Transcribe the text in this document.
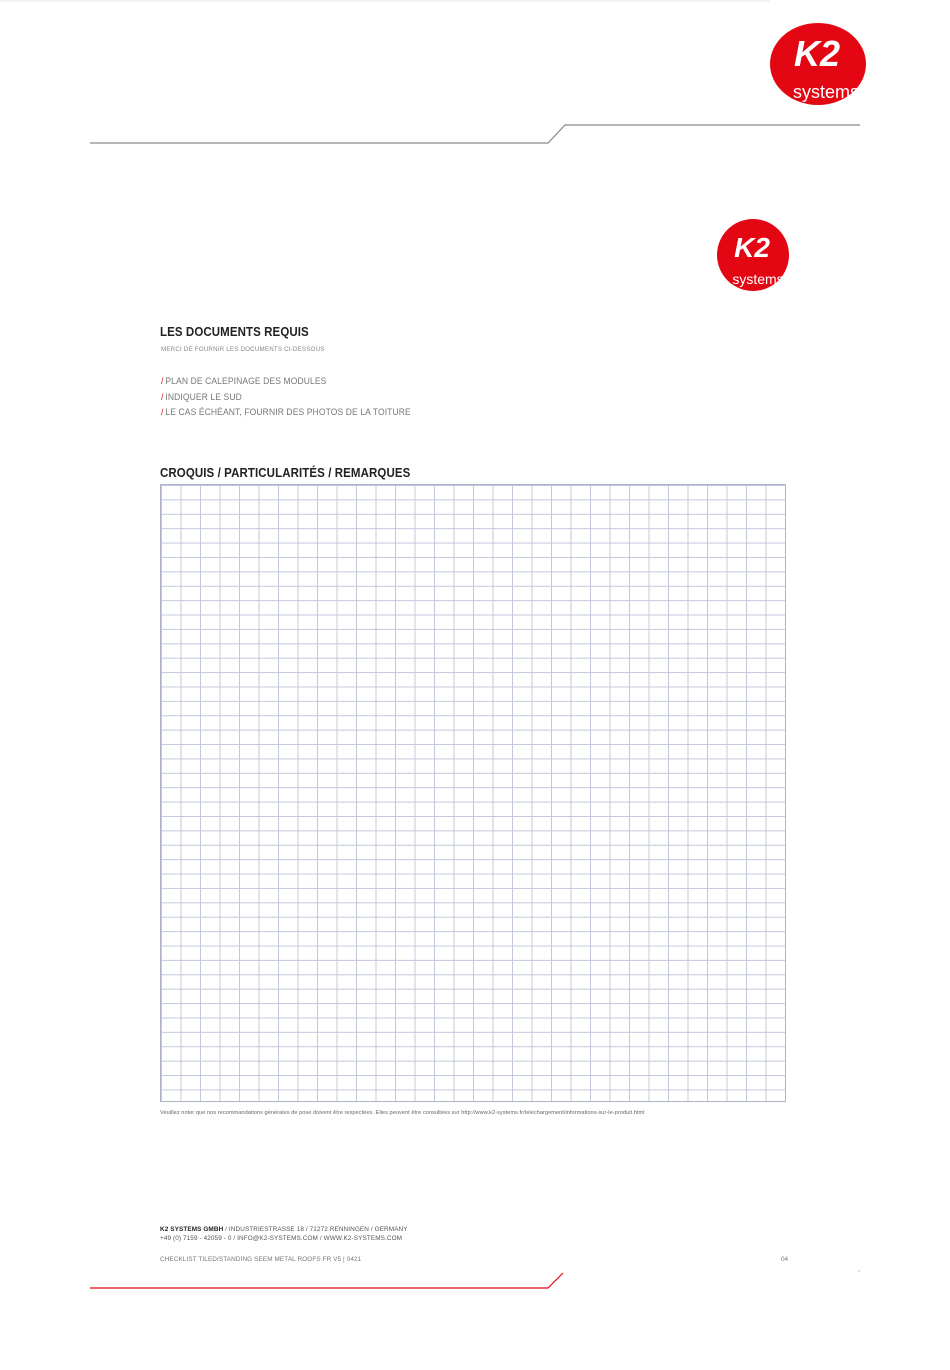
K2
systems
K2
systems
LES DOCUMENTS REQUIS
MERCI DE FOURNIR LES DOCUMENTS CI-DESSOUS
/ PLAN DE CALEPINAGE DES MODULES
/ INDIQUER LE SUD
/ LE CAS ÉCHÉANT, FOURNIR DES PHOTOS DE LA TOITURE
CROQUIS / PARTICULARITÉS / REMARQUES
Veuillez noter que nos recommandations générales de pose doivent être respectées. Elles peuvent être consultées sur http://www.k2-systems.fr/telechargement/informations-sur-le-produit.html
K2 SYSTEMS GMBH / INDUSTRIESTRASSE 18 / 71272 RENNINGEN / GERMANY
+49 (0) 7159 - 42059 - 0 / INFO@K2-SYSTEMS.COM / WWW.K2-SYSTEMS.COM
CHECKLIST TILED/STANDING SEEM METAL ROOFS FR V5 | 0421	04
